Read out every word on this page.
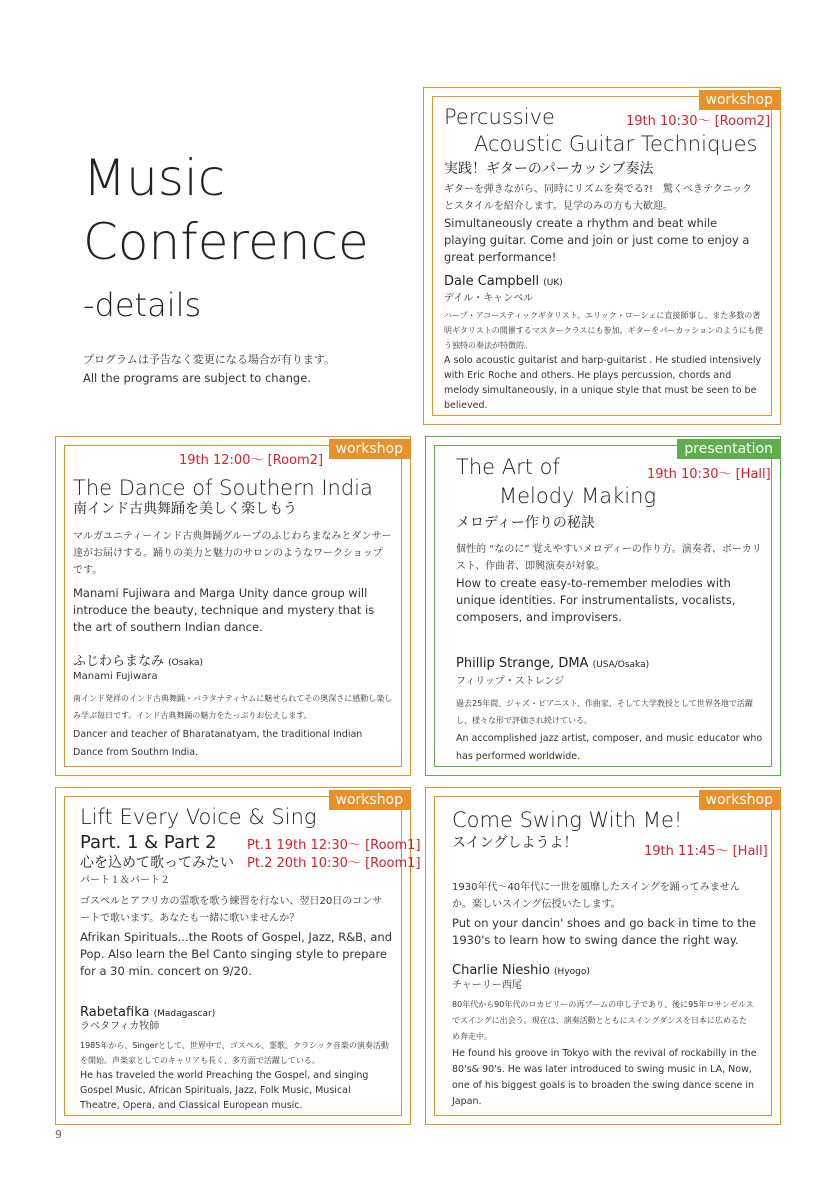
Music
Conference
-details
プログラムは予告なく変更になる場合が有ります。
All the programs are subject to change.
workshop
Percussive	19th 10:30～ [Room2]
Acoustic Guitar Techniques
実践！ギターのパーカッシブ奏法

ギターを弾きながら、同時にリズムを奏でる?!　驚くべきテクニックとスタイルを紹介します。見学のみの方も大歓迎。

Simultaneously create a rhythm and beat while playing guitar. Come and join or just come to enjoy a great performance!

Dale Campbell (UK)
デイル・キャンベル

ハープ・アコースティックギタリスト。エリック・ローシェに直接師事し、また多数の著明ギタリストの開催するマスタークラスにも参加。ギターをパーカッションのようにも使う独特の奏法が特徴的。

A solo acoustic guitarist and harp-guitarist . He studied intensively with Eric Roche and others. He plays percussion, chords and melody simultaneously, in a unique style that must be seen to be believed.

workshop
19th 12:00～ [Room2]
The Dance of Southern India
南インド古典舞踊を美しく楽しもう

マルガユニティーインド古典舞踊グループのふじわらまなみとダンサー達がお届けする。踊りの美力と魅力のサロンのようなワークショップです。

Manami Fujiwara and Marga Unity dance group will introduce the beauty, technique and mystery that is the art of southern Indian dance.

ふじわらまなみ (Osaka)
Manami Fujiwara

南インド発祥のインド古典舞踊・バラタナティヤムに魅せられてその奥深さに感動し楽しみ学ぶ毎日です。インド古典舞踊の魅力をたっぷりお伝えします。

Dancer and teacher of Bharatanatyam, the traditional Indian Dance from Southrn India.

presentation
The Art of	19th 10:30～ [Hall]
Melody Making
メロディー作りの秘訣

個性的 “なのに” 覚えやすいメロディーの作り方。演奏者、ボーカリスト、作曲者、即興演奏が対象。

How to create easy-to-remember melodies with unique identities. For instrumentalists, vocalists, composers, and improvisers.

Phillip Strange, DMA (USA/Osaka)
フィリップ・ストレンジ

過去25年間、ジャズ・ピアニスト、作曲家、そして大学教授として世界各地で活躍し、様々な形で評価され続けている。

An accomplished jazz artist, composer, and music educator who has performed worldwide.

workshop
Lift Every Voice & Sing
Part. 1 & Part 2 Pt.1 19th 12:30～ [Room1]
心を込めて歌ってみたい Pt.2 20th 10:30～ [Room1]
パート１＆パート２

ゴスペルとアフリカの霊歌を歌う練習を行ない、翌日20日のコンサートで歌います。あなたも一緒に歌いませんか？

Afrikan Spirituals...the Roots of Gospel, Jazz, R&B, and Pop. Also learn the Bel Canto singing style to prepare for a 30 min. concert on 9/20.

Rabetafika (Madagascar)
ラベタフィカ牧師

1985年から、Singerとして、世界中で、ゴスペル、霊歌、クラシック音楽の演奏活動を開始。声楽家としてのキャリアも長く、多方面で活躍している。

He has traveled the world Preaching the Gospel, and singing Gospel Music, African Spirituals, Jazz, Folk Music, Musical Theatre, Opera, and Classical European music.

workshop
Come Swing With Me!
スイングしようよ！
19th 11:45～ [Hall]

1930年代〜40年代に一世を風靡したスイングを踊ってみませんか。楽しいスイング伝授いたします。

Put on your dancin' shoes and go back in time to the 1930's to learn how to swing dance the right way.

Charlie Nieshio (Hyogo)
チャーリー西尾

80年代から90年代のロカビリーの再ブームの申し子であり、後に95年ロサンゼルスでスイングに出会う。現在は、演奏活動とともにスイングダンスを日本に広めるため奔走中。

He found his groove in Tokyo with the revival of rockabilly in the 80's& 90's. He was later introduced to swing music in LA, Now, one of his biggest goals is to broaden the swing dance scene in Japan.

9
